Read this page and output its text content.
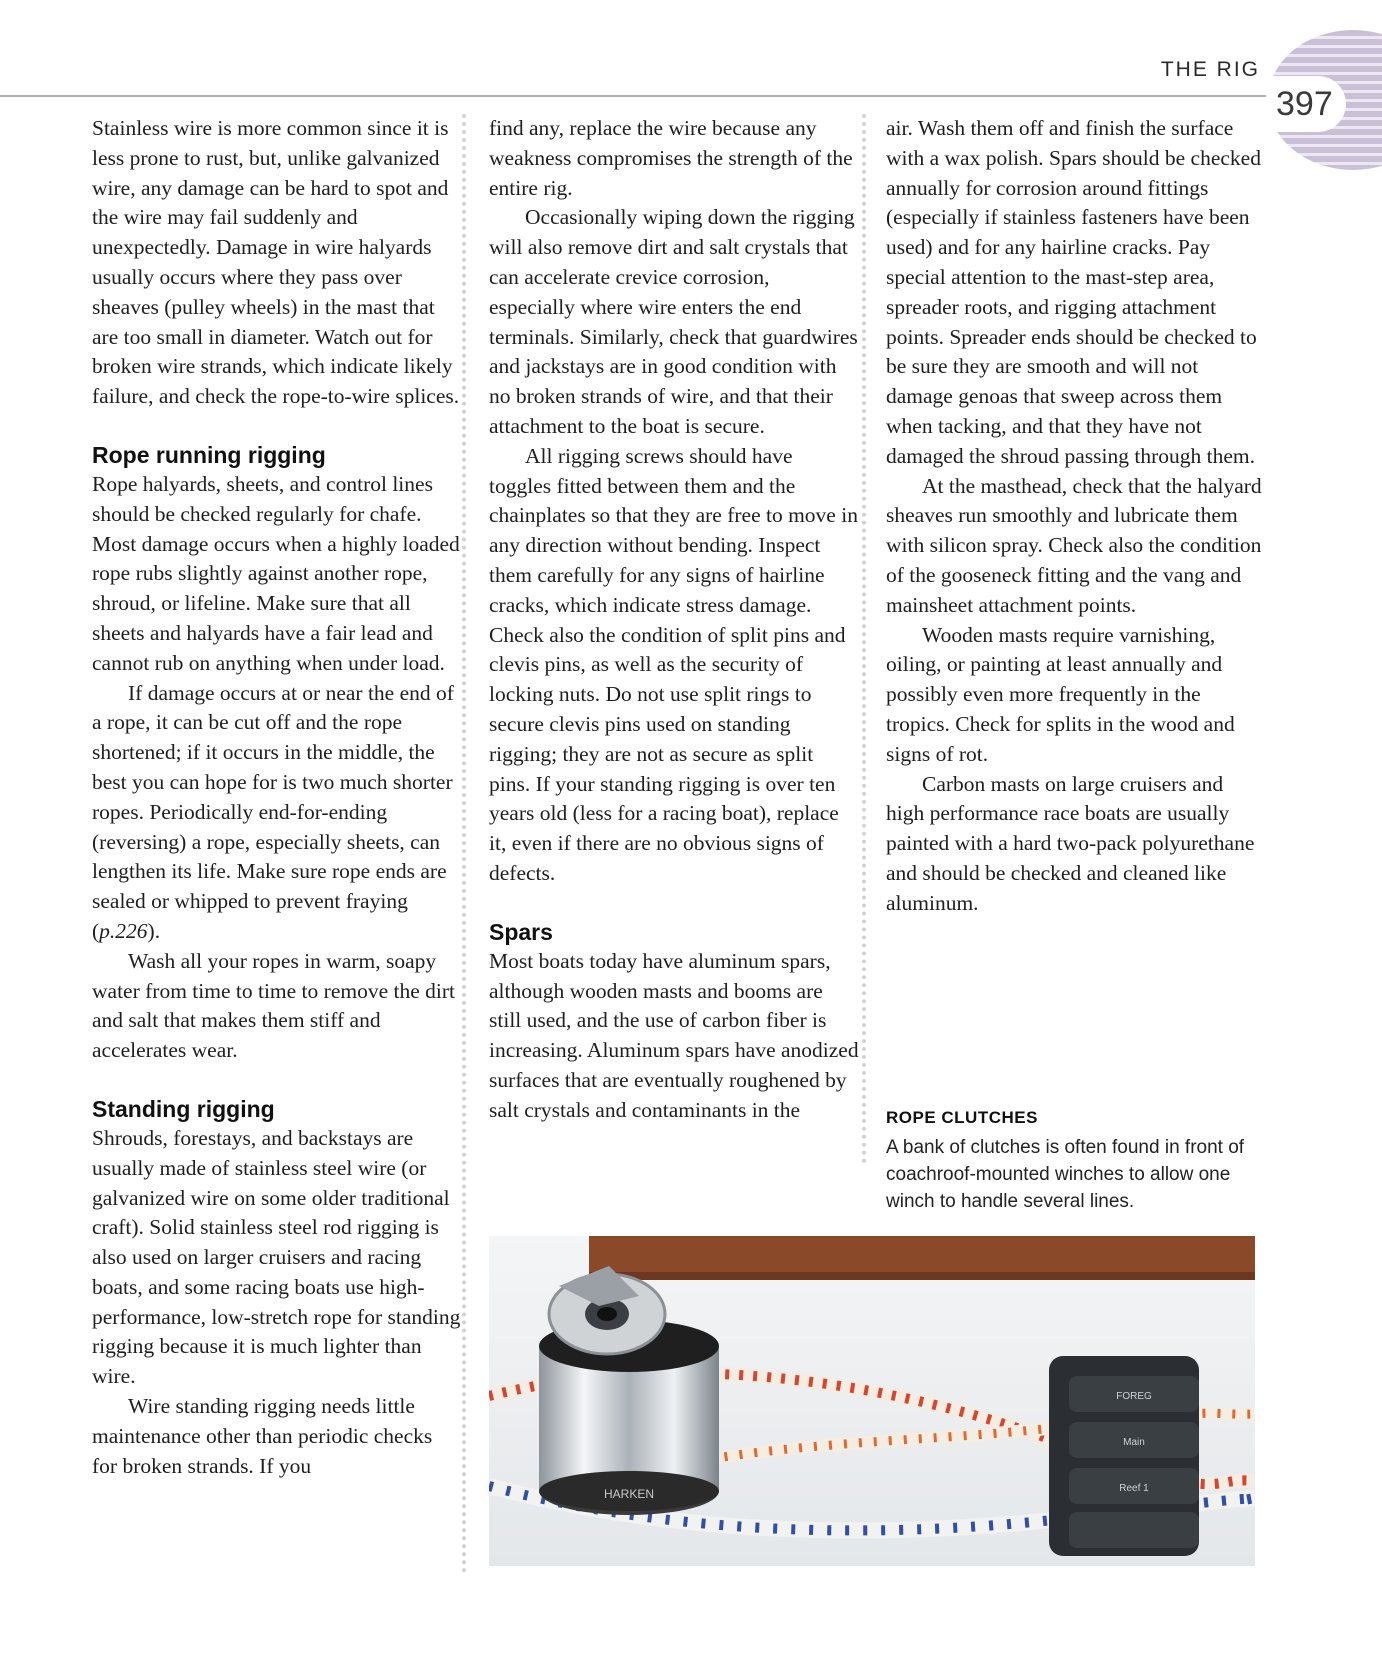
THE RIG
397

Stainless wire is more common since it is less prone to rust, but, unlike galvanized wire, any damage can be hard to spot and the wire may fail suddenly and unexpectedly. Damage in wire halyards usually occurs where they pass over sheaves (pulley wheels) in the mast that are too small in diameter. Watch out for broken wire strands, which indicate likely failure, and check the rope-to-wire splices.

Rope running rigging

Rope halyards, sheets, and control lines should be checked regularly for chafe. Most damage occurs when a highly loaded rope rubs slightly against another rope, shroud, or lifeline. Make sure that all sheets and halyards have a fair lead and cannot rub on anything when under load.

If damage occurs at or near the end of a rope, it can be cut off and the rope shortened; if it occurs in the middle, the best you can hope for is two much shorter ropes. Periodically end-for-ending (reversing) a rope, especially sheets, can lengthen its life. Make sure rope ends are sealed or whipped to prevent fraying (p.226).

Wash all your ropes in warm, soapy water from time to time to remove the dirt and salt that makes them stiff and accelerates wear.

Standing rigging

Shrouds, forestays, and backstays are usually made of stainless steel wire (or galvanized wire on some older traditional craft). Solid stainless steel rod rigging is also used on larger cruisers and racing boats, and some racing boats use high-performance, low-stretch rope for standing rigging because it is much lighter than wire.

Wire standing rigging needs little maintenance other than periodic checks for broken strands. If you

find any, replace the wire because any weakness compromises the strength of the entire rig.

Occasionally wiping down the rigging will also remove dirt and salt crystals that can accelerate crevice corrosion, especially where wire enters the end terminals. Similarly, check that guardwires and jackstays are in good condition with no broken strands of wire, and that their attachment to the boat is secure.

All rigging screws should have toggles fitted between them and the chainplates so that they are free to move in any direction without bending. Inspect them carefully for any signs of hairline cracks, which indicate stress damage. Check also the condition of split pins and clevis pins, as well as the security of locking nuts. Do not use split rings to secure clevis pins used on standing rigging; they are not as secure as split pins. If your standing rigging is over ten years old (less for a racing boat), replace it, even if there are no obvious signs of defects.

Spars

Most boats today have aluminum spars, although wooden masts and booms are still used, and the use of carbon fiber is increasing. Aluminum spars have anodized surfaces that are eventually roughened by salt crystals and contaminants in the

air. Wash them off and finish the surface with a wax polish. Spars should be checked annually for corrosion around fittings (especially if stainless fasteners have been used) and for any hairline cracks. Pay special attention to the mast-step area, spreader roots, and rigging attachment points. Spreader ends should be checked to be sure they are smooth and will not damage genoas that sweep across them when tacking, and that they have not damaged the shroud passing through them.

At the masthead, check that the halyard sheaves run smoothly and lubricate them with silicon spray. Check also the condition of the gooseneck fitting and the vang and mainsheet attachment points.

Wooden masts require varnishing, oiling, or painting at least annually and possibly even more frequently in the tropics. Check for splits in the wood and signs of rot.

Carbon masts on large cruisers and high performance race boats are usually painted with a hard two-pack polyurethane and should be checked and cleaned like aluminum.

ROPE CLUTCHES
A bank of clutches is often found in front of coachroof-mounted winches to allow one winch to handle several lines.
HARKEN
FOREG
Main
Reef 1
